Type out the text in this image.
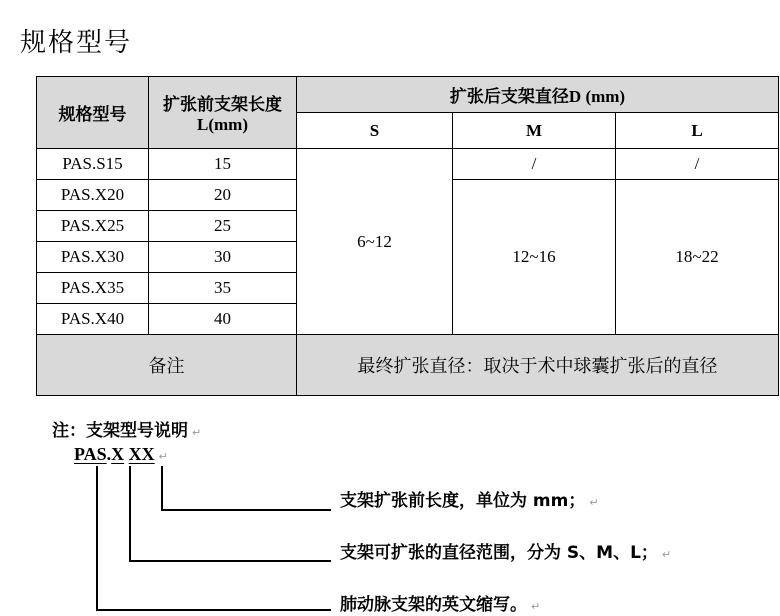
规格型号
规格型号	扩张前支架长度L(mm)	扩张后支架直径D (mm)		
		S	M	L
PAS.S15	15	6~12	/	/
PAS.X20	20		12~16	18~22
PAS.X25	25			
PAS.X30	30			
PAS.X35	35			
PAS.X40	40			
备注		最终扩张直径：取决于术中球囊扩张后的直径		
注：支架型号说明 ↵
PAS.X XX ↵
支架扩张前长度，单位为 mm； ↵
支架可扩张的直径范围，分为 S、M、L； ↵
肺动脉支架的英文缩写。 ↵
